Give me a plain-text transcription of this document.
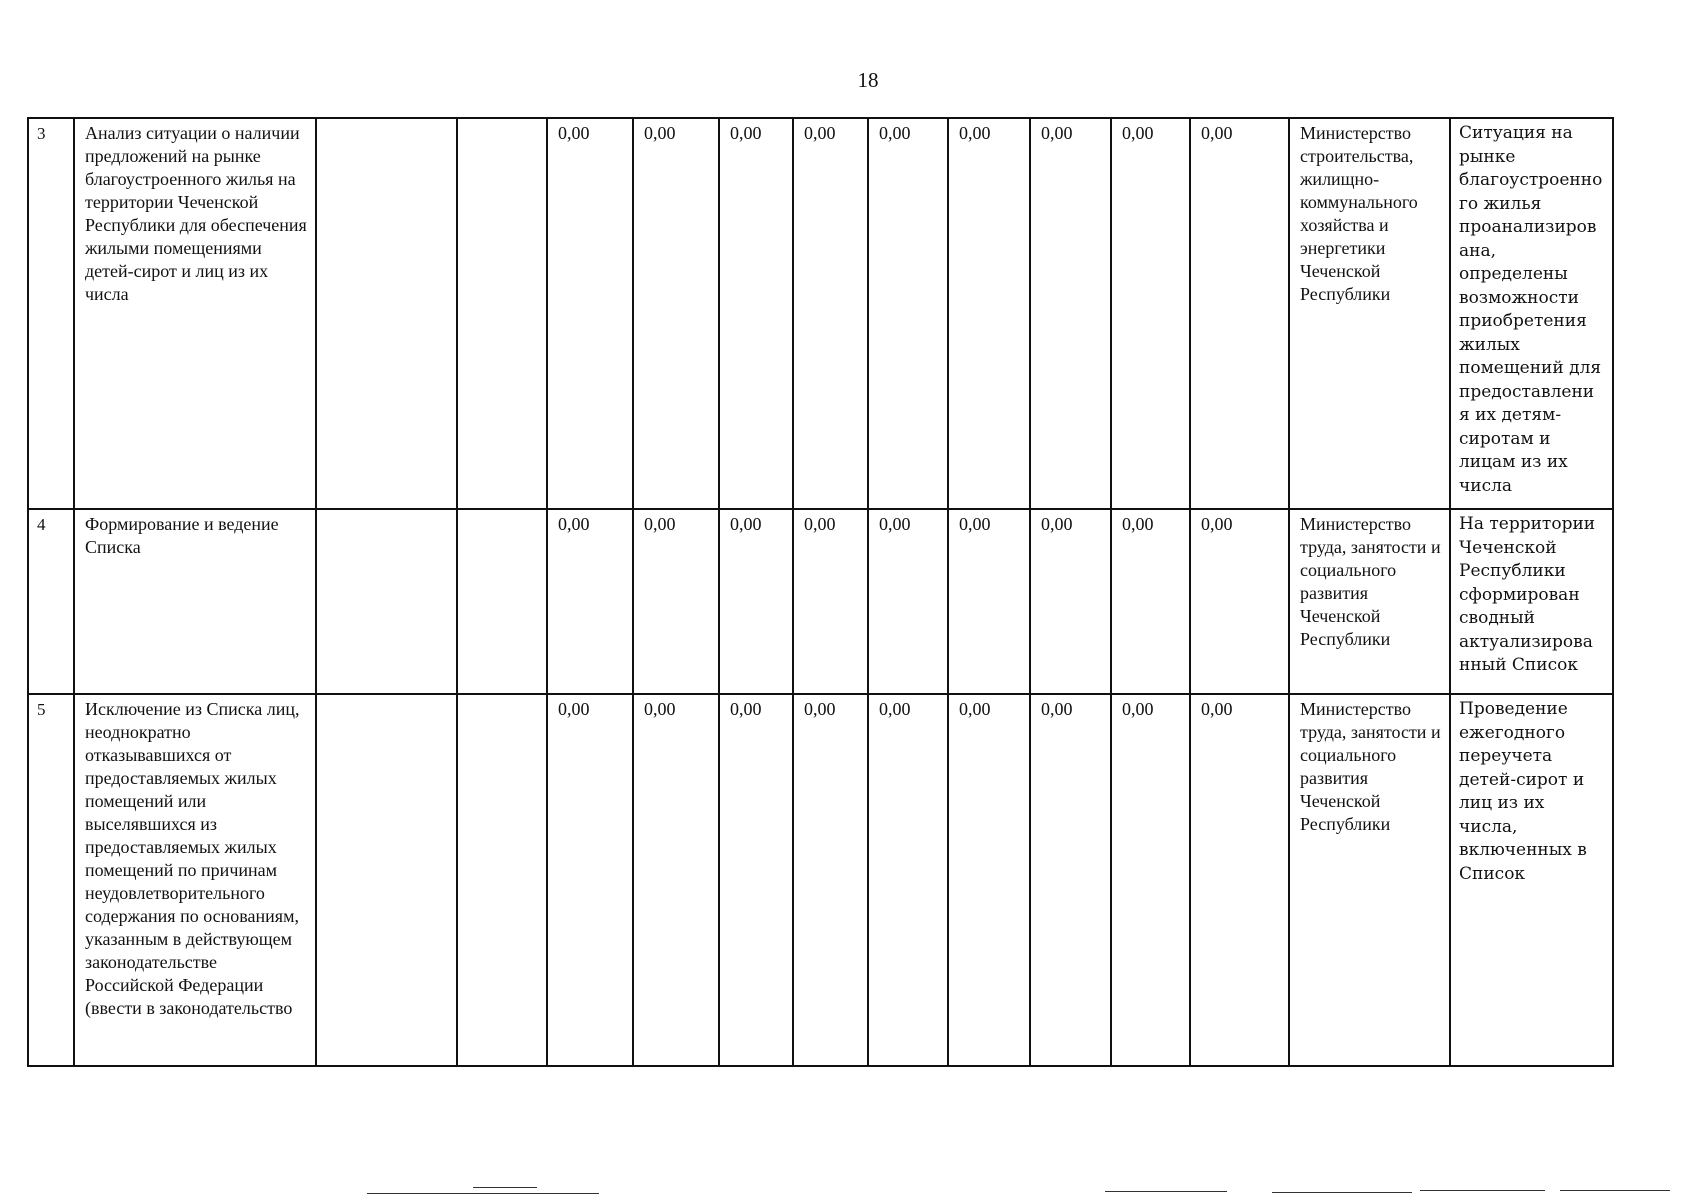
18
3	Анализ ситуации о наличии предложений на рынке благоустроенного жилья на территории Чеченской Республики для обеспечения жилыми помещениями детей-сирот и лиц из их числа			0,00	0,00	0,00	0,00	0,00	0,00	0,00	0,00	0,00	Министерство строительства, жилищно-коммунального хозяйства и энергетики Чеченской Республики	Ситуация на рынке благоустроенного жилья проанализирована, определены возможности приобретения жилых помещений для предоставления их детям-сиротам и лицам из их числа

4	Формирование и ведение Списка			0,00	0,00	0,00	0,00	0,00	0,00	0,00	0,00	0,00	Министерство труда, занятости и социального развития Чеченской Республики	На территории Чеченской Республики сформирован сводный актуализированный Список

5	Исключение из Списка лиц, неоднократно отказывавшихся от предоставляемых жилых помещений или выселявшихся из предоставляемых жилых помещений по причинам неудовлетворительного содержания по основаниям, указанным в действующем законодательстве Российской Федерации (ввести в законодательство			0,00	0,00	0,00	0,00	0,00	0,00	0,00	0,00	0,00	Министерство труда, занятости и социального развития Чеченской Республики	Проведение ежегодного переучета детей-сирот и лиц из их числа, включенных в Список
